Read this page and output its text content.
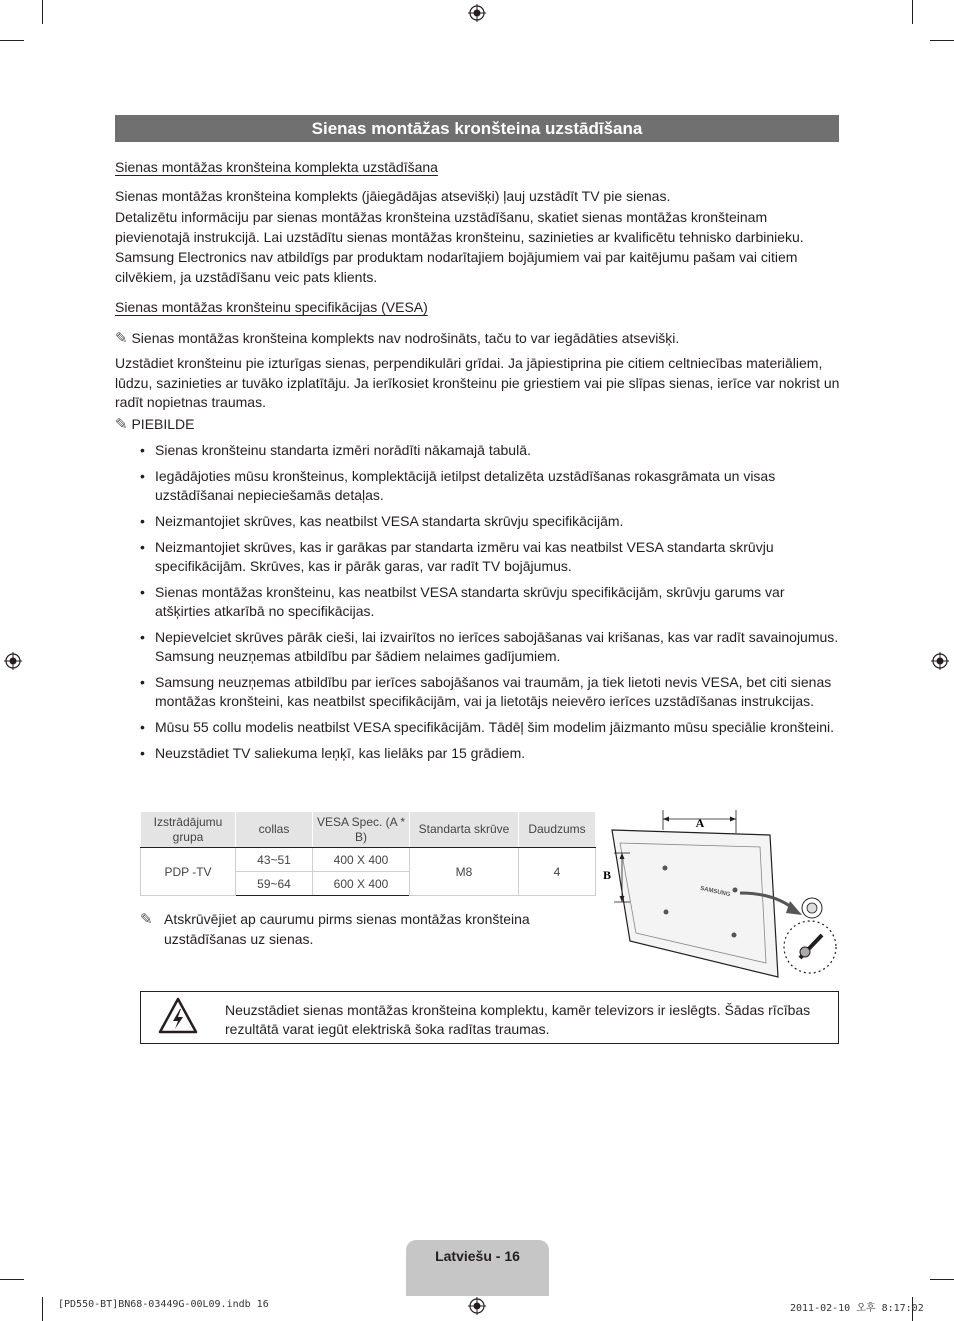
Sienas montāžas kronšteina uzstādīšana
Sienas montāžas kronšteina komplekta uzstādīšana
Sienas montāžas kronšteina komplekts (jāiegādājas atsevišķi) ļauj uzstādīt TV pie sienas.
Detalizētu informāciju par sienas montāžas kronšteina uzstādīšanu, skatiet sienas montāžas kronšteinam pievienotajā instrukcijā. Lai uzstādītu sienas montāžas kronšteinu, sazinieties ar kvalificētu tehnisko darbinieku.
Samsung Electronics nav atbildīgs par produktam nodarītajiem bojājumiem vai par kaitējumu pašam vai citiem cilvēkiem, ja uzstādīšanu veic pats klients.
Sienas montāžas kronšteinu specifikācijas (VESA)
✎ Sienas montāžas kronšteina komplekts nav nodrošināts, taču to var iegādāties atsevišķi.
Uzstādiet kronšteinu pie izturīgas sienas, perpendikulāri grīdai. Ja jāpiestiprina pie citiem celtniecības materiāliem, lūdzu, sazinieties ar tuvāko izplatītāju. Ja ierīkosiet kronšteinu pie griestiem vai pie slīpas sienas, ierīce var nokrist un radīt nopietnas traumas.
✎ PIEBILDE
• Sienas kronšteinu standarta izmēri norādīti nākamajā tabulā.
• Iegādājoties mūsu kronšteinus, komplektācijā ietilpst detalizēta uzstādīšanas rokasgrāmata un visas uzstādīšanai nepieciešamās detaļas.
• Neizmantojiet skrūves, kas neatbilst VESA standarta skrūvju specifikācijām.
• Neizmantojiet skrūves, kas ir garākas par standarta izmēru vai kas neatbilst VESA standarta skrūvju specifikācijām. Skrūves, kas ir pārāk garas, var radīt TV bojājumus.
• Sienas montāžas kronšteinu, kas neatbilst VESA standarta skrūvju specifikācijām, skrūvju garums var atšķirties atkarībā no specifikācijas.
• Nepievelciet skrūves pārāk cieši, lai izvairītos no ierīces sabojāšanas vai krišanas, kas var radīt savainojumus. Samsung neuzņemas atbildību par šādiem nelaimes gadījumiem.
• Samsung neuzņemas atbildību par ierīces sabojāšanos vai traumām, ja tiek lietoti nevis VESA, bet citi sienas montāžas kronšteini, kas neatbilst specifikācijām, vai ja lietotājs neievēro ierīces uzstādīšanas instrukcijas.
• Mūsu 55 collu modelis neatbilst VESA specifikācijām. Tādēļ šim modelim jāizmanto mūsu speciālie kronšteini.
• Neuzstādiet TV saliekuma leņķī, kas lielāks par 15 grādiem.
Izstrādājumu grupa	collas	VESA Spec. (A * B)	Standarta skrūve	Daudzums
PDP -TV	43~51	400 X 400	M8	4
	59~64	600 X 400		
A
B
SAMSUNG
✎ Atskrūvējiet ap caurumu pirms sienas montāžas kronšteina uzstādīšanas uz sienas.
Neuzstādiet sienas montāžas kronšteina komplektu, kamēr televizors ir ieslēgts. Šādas rīcības rezultātā varat iegūt elektriskā šoka radītas traumas.
Latviešu - 16
[PD550-BT]BN68-03449G-00L09.indb 16	2011-02-10 오후 8:17:02
